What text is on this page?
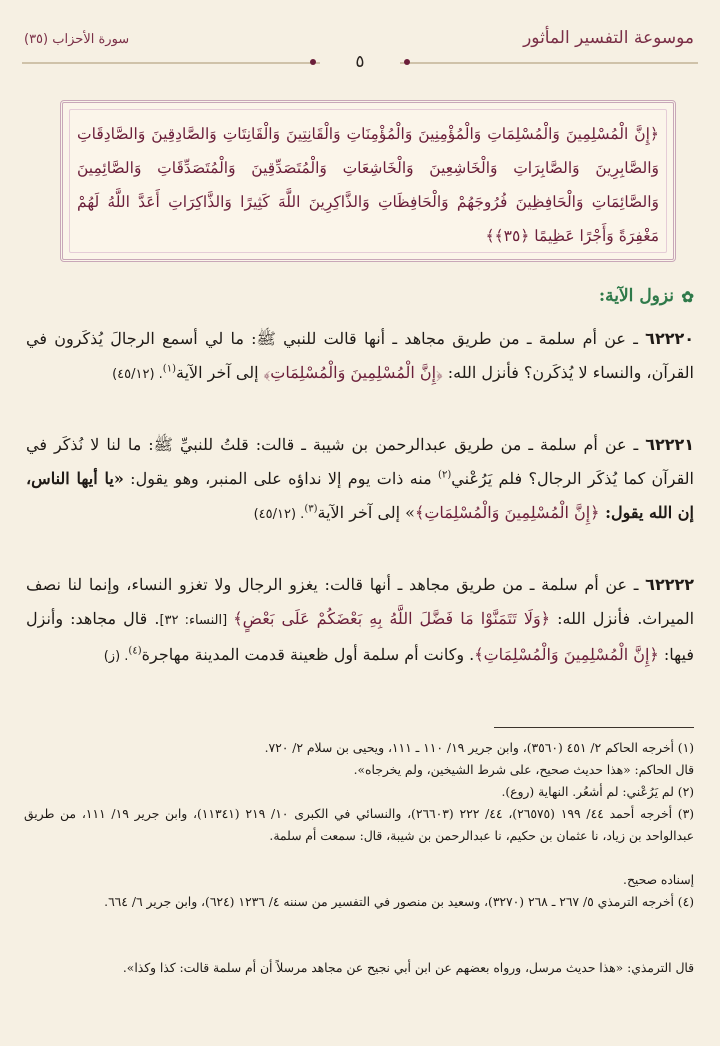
موسوعة التفسير المأثور
سورة الأحزاب (٣٥)
٥
﴿إِنَّ الْمُسْلِمِينَ وَالْمُسْلِمَاتِ وَالْمُؤْمِنِينَ وَالْمُؤْمِنَاتِ وَالْقَانِتِينَ وَالْقَانِتَاتِ وَالصَّادِقِينَ وَالصَّادِقَاتِ وَالصَّابِرِينَ وَالصَّابِرَاتِ وَالْخَاشِعِينَ وَالْخَاشِعَاتِ وَالْمُتَصَدِّقِينَ وَالْمُتَصَدِّقَاتِ وَالصَّائِمِينَ وَالصَّائِمَاتِ وَالْحَافِظِينَ فُرُوجَهُمْ وَالْحَافِظَاتِ وَالذَّاكِرِينَ اللَّهَ كَثِيرًا وَالذَّاكِرَاتِ أَعَدَّ اللَّهُ لَهُمْ مَغْفِرَةً وَأَجْرًا عَظِيمًا ﴿٣٥﴾﴾
✿نزول الآية:
٦٢٢٢٠ ـ عن أم سلمة ـ من طريق مجاهد ـ أنها قالت للنبي ﷺ: ما لي أسمع الرجالَ يُذكَرون في القرآن، والنساء لا يُذكَرن؟ فأنزل الله: ﴿إِنَّ الْمُسْلِمِينَ وَالْمُسْلِمَاتِ﴾ إلى آخر الآية$^{(١)}$. (٤٥/١٢)
٦٢٢٢١ ـ عن أم سلمة ـ من طريق عبدالرحمن بن شيبة ـ قالت: قلتُ للنبيِّ ﷺ: ما لنا لا نُذكَر في القرآن كما يُذكَر الرجال؟ فلم يَرُعْني$^{(٢)}$ منه ذات يوم إلا نداؤه على المنبر، وهو يقول: «يا أيها الناس، إن الله يقول: ﴿إِنَّ الْمُسْلِمِينَ وَالْمُسْلِمَاتِ﴾» إلى آخر الآية$^{(٣)}$. (٤٥/١٢)
٦٢٢٢٢ ـ عن أم سلمة ـ من طريق مجاهد ـ أنها قالت: يغزو الرجال ولا تغزو النساء، وإنما لنا نصف الميراث. فأنزل الله: ﴿وَلَا تَتَمَنَّوْا مَا فَضَّلَ اللَّهُ بِهِ بَعْضَكُمْ عَلَى بَعْضٍ﴾ [النساء: ٣٢]. قال مجاهد: وأنزل فيها: ﴿إِنَّ الْمُسْلِمِينَ وَالْمُسْلِمَاتِ﴾. وكانت أم سلمة أول ظعينة قدمت المدينة مهاجرة$^{(٤)}$. (ز)
(١) أخرجه الحاكم ٢/ ٤٥١ (٣٥٦٠)، وابن جرير ١٩/ ١١٠ ـ ١١١، ويحيى بن سلام ٢/ ٧٢٠.
قال الحاكم: «هذا حديث صحيح، على شرط الشيخين، ولم يخرجاه».
(٢) لم يَرُعْني: لم أشعُر. النهاية (روع).
(٣) أخرجه أحمد ٤٤/ ١٩٩ (٢٦٥٧٥)، ٤٤/ ٢٢٢ (٢٦٦٠٣)، والنسائي في الكبرى ١٠/ ٢١٩ (١١٣٤١)، وابن جرير ١٩/ ١١١، من طريق عبدالواحد بن زياد، نا عثمان بن حكيم، نا عبدالرحمن بن شيبة، قال: سمعت أم سلمة.
إسناده صحيح.
(٤) أخرجه الترمذي ٥/ ٢٦٧ ـ ٢٦٨ (٣٢٧٠)، وسعيد بن منصور في التفسير من سننه ٤/ ١٢٣٦ (٦٢٤)، وابن جرير ٦/ ٦٦٤.
قال الترمذي: «هذا حديث مرسل، ورواه بعضهم عن ابن أبي نجيح عن مجاهد مرسلاً أن أم سلمة قالت: كذا وكذا».
